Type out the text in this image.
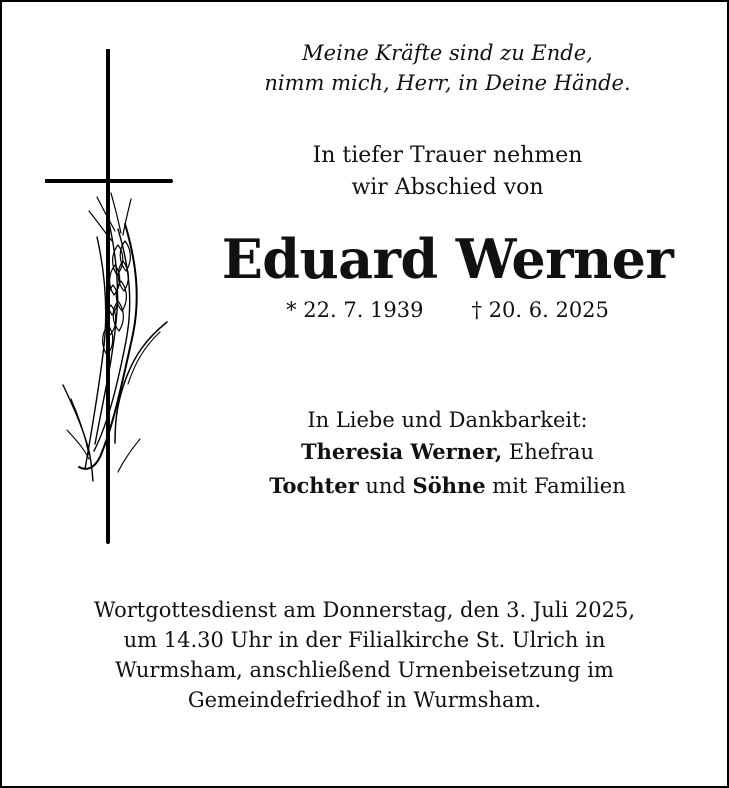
Meine Kräfte sind zu Ende,

nimm mich, Herr, in Deine Hände.

In tiefer Trauer nehmen
wir Abschied von
Eduard Werner
* 22. 7. 1939 † 20. 6. 2025
In Liebe und Dankbarkeit:
Theresia Werner, Ehefrau
Tochter und Söhne mit Familien
Wortgottesdienst am Donnerstag, den 3. Juli 2025,
um 14.30 Uhr in der Filialkirche St. Ulrich in
Wurmsham, anschließend Urnenbeisetzung im
Gemeindefriedhof in Wurmsham.
